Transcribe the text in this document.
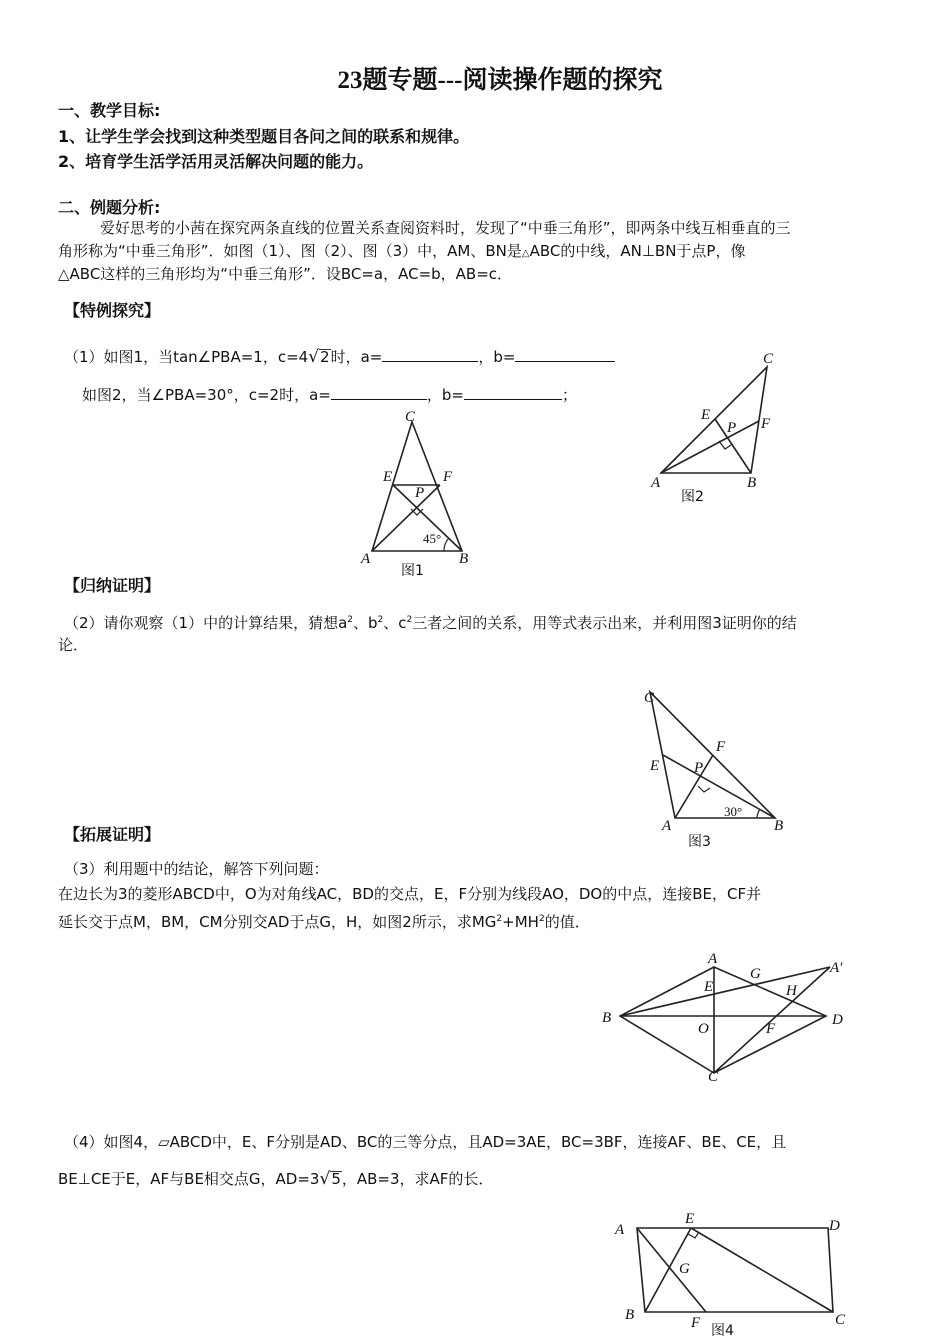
23题专题---阅读操作题的探究
一、教学目标:
1、让学生学会找到这种类型题目各问之间的联系和规律。
2、培育学生活学活用灵活解决问题的能力。
二、例题分析:
爱好思考的小茜在探究两条直线的位置关系查阅资料时，发现了“中垂三角形”，即两条中线互相垂直的三
角形称为“中垂三角形”．如图（1）、图（2）、图（3）中，AM、BN是△ABC的中线，AN⊥BN于点P，像
△ABC这样的三角形均为“中垂三角形”．设BC=a，AC=b，AB=c．
【特例探究】
（1）如图1，当tan∠PBA=1，c=4√2时，a=	，b=
如图2，当∠PBA=30°，c=2时，a=	，b=	；
C
E	F
P
A	B
45°
图1
C
E
P F
A	B
图2
【归纳证明】
（2）请你观察（1）中的计算结果，猜想$a^2$、$b^2$、$c^2$三者之间的关系，用等式表示出来，并利用图3证明你的结
论．
C
F
E P
A	B
30°
图3
【拓展证明】
（3）利用题中的结论，解答下列问题：
在边长为3的菱形ABCD中，O为对角线AC，BD的交点，E，F分别为线段AO，DO的中点，连接BE，CF并
延长交于点M，BM，CM分别交AD于点G，H，如图2所示，求$MG^2+MH^2$的值．
A
G	A′
E	H
B
O
D
F
C
（4）如图4，▱ABCD中，E、F分别是AD、BC的三等分点，且AD=3AE，BC=3BF，连接AF、BE、CE，且
BE⊥CE于E，AF与BE相交点G，AD=3√5，AB=3，求AF的长．
A
E	D
G
B	F	C
图4
